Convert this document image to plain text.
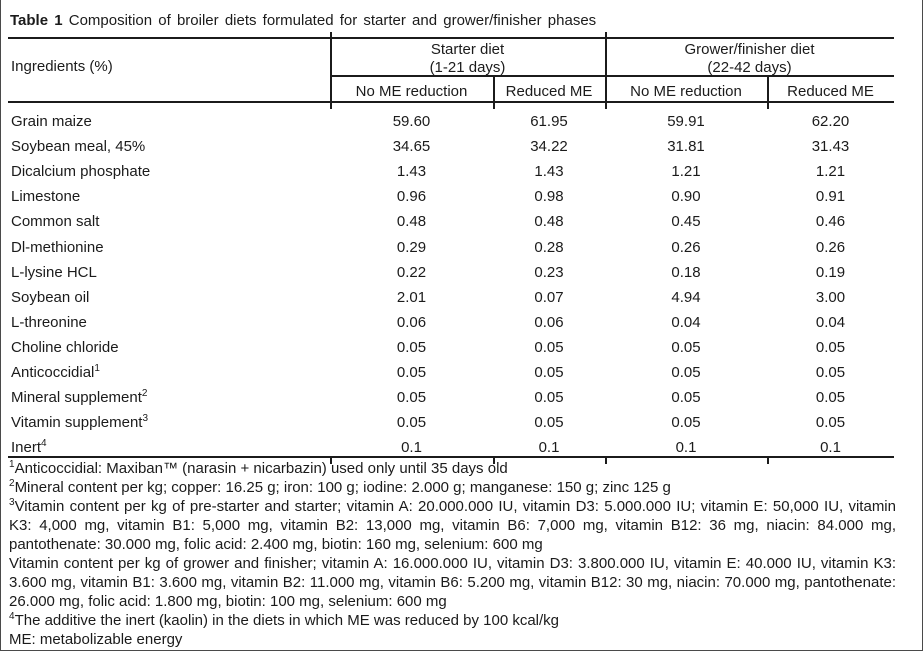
Table 1 Composition of broiler diets formulated for starter and grower/finisher phases
Ingredients (%)
Starter diet
(1-21 days)
Grower/finisher diet
(22-42 days)
No ME reduction	Reduced ME	No ME reduction	Reduced ME
Grain maize	59.60	61.95	59.91	62.20
Soybean meal, 45%	34.65	34.22	31.81	31.43
Dicalcium phosphate	1.43	1.43	1.21	1.21
Limestone	0.96	0.98	0.90	0.91
Common salt	0.48	0.48	0.45	0.46
Dl-methionine	0.29	0.28	0.26	0.26
L-lysine HCL	0.22	0.23	0.18	0.19
Soybean oil	2.01	0.07	4.94	3.00
L-threonine	0.06	0.06	0.04	0.04
Choline chloride	0.05	0.05	0.05	0.05
Anticoccidial$^1$	0.05	0.05	0.05	0.05
Mineral supplement$^2$	0.05	0.05	0.05	0.05
Vitamin supplement$^3$	0.05	0.05	0.05	0.05
Inert$^4$	0.1	0.1	0.1	0.1

$^1$Anticoccidial: Maxiban™ (narasin + nicarbazin) used only until 35 days old

$^2$Mineral content per kg; copper: 16.25 g; iron: 100 g; iodine: 2.000 g; manganese: 150 g; zinc 125 g

$^3$Vitamin content per kg of pre-starter and starter; vitamin A: 20.000.000 IU, vitamin D3: 5.000.000 IU; vitamin E: 50,000 IU, vitamin K3: 4,000 mg, vitamin B1: 5,000 mg, vitamin B2: 13,000 mg, vitamin B6: 7,000 mg, vitamin B12: 36 mg, niacin: 84.000 mg, pantothenate: 30.000 mg, folic acid: 2.400 mg, biotin: 160 mg, selenium: 600 mg

Vitamin content per kg of grower and finisher; vitamin A: 16.000.000 IU, vitamin D3: 3.800.000 IU, vitamin E: 40.000 IU, vitamin K3: 3.600 mg, vitamin B1: 3.600 mg, vitamin B2: 11.000 mg, vitamin B6: 5.200 mg, vitamin B12: 30 mg, niacin: 70.000 mg, pantothenate: 26.000 mg, folic acid: 1.800 mg, biotin: 100 mg, selenium: 600 mg

$^4$The additive the inert (kaolin) in the diets in which ME was reduced by 100 kcal/kg

ME: metabolizable energy
